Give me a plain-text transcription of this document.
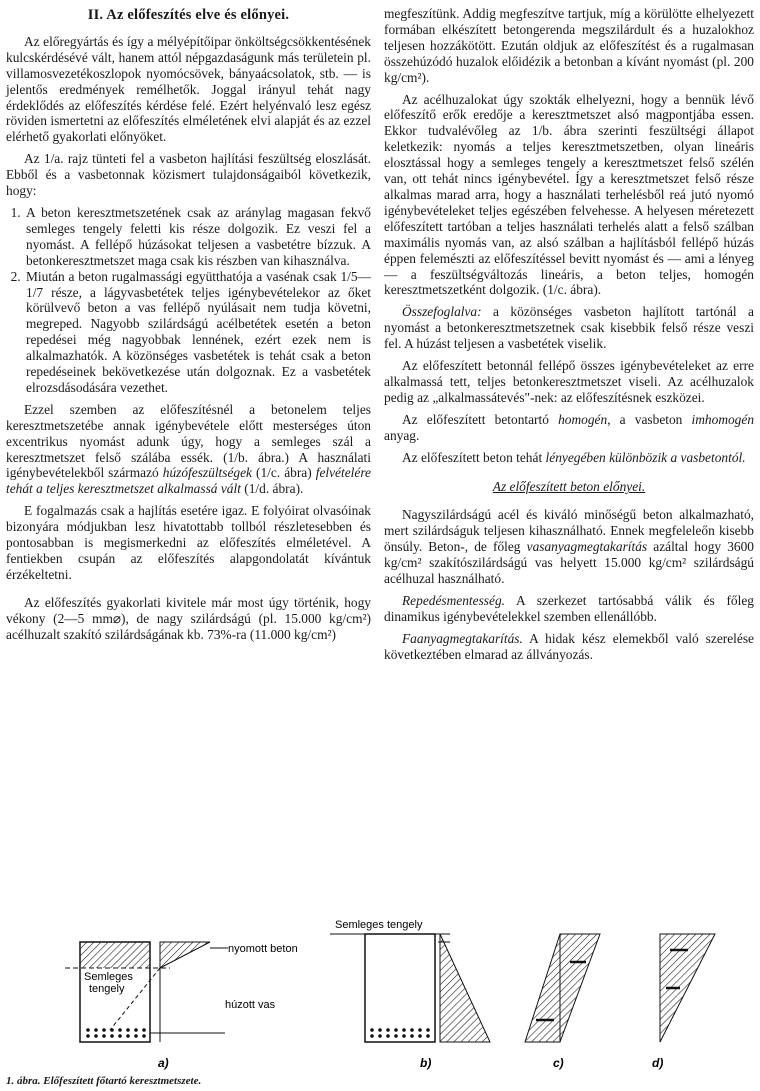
II. Az előfeszítés elve és előnyei.

Az előregyártás és így a mélyépítőipar önköltségcsökkentésének kulcskérdésévé vált, hanem attól népgazdaságunk más területein pl. villamosvezetékoszlopok nyomócsövek, bányaácsolatok, stb. — is jelentős eredmények remélhetők. Joggal irányul tehát nagy érdeklődés az előfeszítés kérdése felé. Ezért helyénvaló lesz egész röviden ismertetni az előfeszítés elméletének elvi alapját és az ezzel elérhető gyakorlati előnyöket.

Az 1/a. rajz tünteti fel a vasbeton hajlítási feszültség eloszlását. Ebből és a vasbetonnak közismert tulajdonságaiból következik, hogy:

1. A beton keresztmetszetének csak az aránylag magasan fekvő semleges tengely feletti kis része dolgozik. Ez veszi fel a nyomást. A fellépő húzásokat teljesen a vasbetétre bízzuk. A betonkeresztmetszet maga csak kis részben van kihasználva.
2. Miután a beton rugalmassági együtthatója a vasénak csak 1/5—1/7 része, a lágyvasbetétek teljes igénybevételekor az őket körülvevő beton a vas fellépő nyúlásait nem tudja követni, megreped. Nagyobb szilárdságú acélbetétek esetén a beton repedései még nagyobbak lennének, ezért ezek nem is alkalmazhatók. A közönséges vasbetétek is tehát csak a beton repedéseinek bekövetkezése után dolgoznak. Ez a vasbetétek elrozsdásodására vezethet.

Ezzel szemben az előfeszítésnél a betonelem teljes keresztmetszetébe annak igénybevétele előtt mesterséges úton excentrikus nyomást adunk úgy, hogy a semleges szál a keresztmetszet felső szálába essék. (1/b. ábra.) A használati igénybevételekből származó húzófeszültségek (1/c. ábra) felvételére tehát a teljes keresztmetszet alkalmassá vált (1/d. ábra).

E fogalmazás csak a hajlítás esetére igaz. E folyóirat olvasóinak bizonyára módjukban lesz hivatottabb tollból részletesebben és pontosabban is megismerkedni az előfeszítés elméletével. A fentiekben csupán az előfeszítés alapgondolatát kívántuk érzékeltetni.

Az előfeszítés gyakorlati kivitele már most úgy történik, hogy vékony (2—5 mm⌀), de nagy szilárdságú (pl. 15.000 kg/cm²) acélhuzalt szakító szilárdságának kb. 73%-ra (11.000 kg/cm²)

megfeszítünk. Addig megfeszítve tartjuk, míg a körülötte elhelyezett formában elkészített betongerenda megszilárdult és a huzalokhoz teljesen hozzákötött. Ezután oldjuk az előfeszítést és a rugalmasan összehúzódó huzalok előidézik a betonban a kívánt nyomást (pl. 200 kg/cm²).

Az acélhuzalokat úgy szokták elhelyezni, hogy a bennük lévő előfeszítő erők eredője a keresztmetszet alsó magpontjába essen. Ekkor tudvalévőleg az 1/b. ábra szerinti feszültségi állapot keletkezik: nyomás a teljes keresztmetszetben, olyan lineáris elosztással hogy a semleges tengely a keresztmetszet felső szélén van, ott tehát nincs igénybevétel. Így a keresztmetszet felső része alkalmas marad arra, hogy a használati terhelésből reá jutó nyomó igénybevételeket teljes egészében felvehesse. A helyesen méretezett előfeszített tartóban a teljes használati terhelés alatt a felső szálban maximális nyomás van, az alsó szálban a hajlításból fellépő húzás éppen felemészti az előfeszítéssel bevitt nyomást és — ami a lényeg — a feszültségváltozás lineáris, a beton teljes, homogén keresztmetszetként dolgozik. (1/c. ábra).

Összefoglalva: a közönséges vasbeton hajlított tartónál a nyomást a betonkeresztmetszetnek csak kisebbik felső része veszi fel. A húzást teljesen a vasbetétek viselik.

Az előfeszített betonnál fellépő összes igénybevételeket az erre alkalmassá tett, teljes betonkeresztmetszet viseli. Az acélhuzalok pedig az „alkalmassátevés"-nek: az előfeszítésnek eszközei.

Az előfeszített betontartó homogén, a vasbeton imhomogén anyag.

Az előfeszített beton tehát lényegében különbözik a vasbetontól.

Az előfeszített beton előnyei.

Nagyszilárdságú acél és kiváló minőségű beton alkalmazható, mert szilárdságuk teljesen kihasználható. Ennek megfeleleőn kisebb önsúly. Beton-, de főleg vasanyagmegtakarítás azáltal hogy 3600 kg/cm² szakítószilárdságú vas helyett 15.000 kg/cm² szilárdságú acélhuzal használható.

Repedésmentesség. A szerkezet tartósabbá válik és főleg dinamikus igénybevételekkel szemben ellenállóbb.

Faanyagmegtakarítás. A hidak kész elemekből való szerelése következtében elmarad az állványozás.

nyomott beton
húzott vas
Semleges
tengely
a)
Semleges tengely
b)	c)	d)
1. ábra. Előfeszített főtartó keresztmetszete.
